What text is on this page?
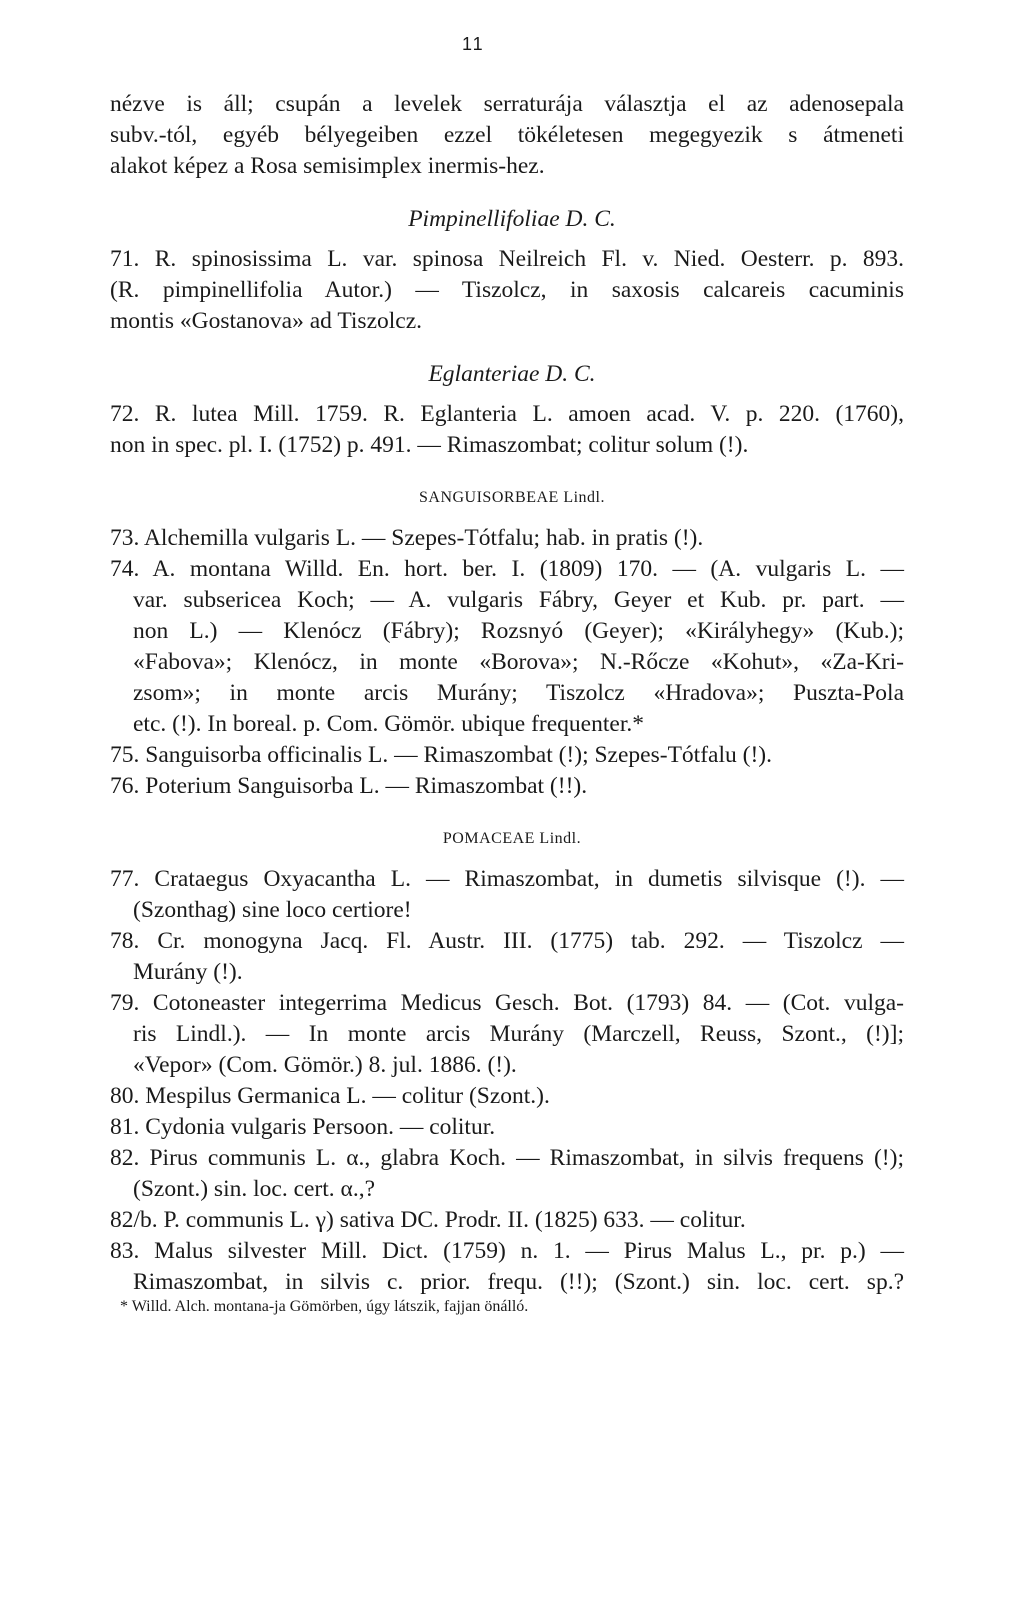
11
nézve is áll; csupán a levelek serraturája választja el az adenosepala
subv.-tól, egyéb bélyegeiben ezzel tökéletesen megegyezik s átmeneti
alakot képez a Rosa semisimplex inermis-hez.
Pimpinellifoliae D. C.
71. R. spinosissima L. var. spinosa Neilreich Fl. v. Nied. Oesterr. p. 893.
(R. pimpinellifolia Autor.) — Tiszolcz, in saxosis calcareis cacuminis
montis «Gostanova» ad Tiszolcz.
Eglanteriae D. C.
72. R. lutea Mill. 1759. R. Eglanteria L. amoen acad. V. p. 220. (1760),
non in spec. pl. I. (1752) p. 491. — Rimaszombat; colitur solum (!).
SANGUISORBEAE Lindl.
73. Alchemilla vulgaris L. — Szepes-Tótfalu; hab. in pratis (!).
74. A. montana Willd. En. hort. ber. I. (1809) 170. — (A. vulgaris L. —
var. subsericea Koch; — A. vulgaris Fábry, Geyer et Kub. pr. part. —
non L.) — Klenócz (Fábry); Rozsnyó (Geyer); «Királyhegy» (Kub.);
«Fabova»; Klenócz, in monte «Borova»; N.-Rőcze «Kohut», «Za-Kri-
zsom»; in monte arcis Murány; Tiszolcz «Hradova»; Puszta-Pola
etc. (!). In boreal. p. Com. Gömör. ubique frequenter.*
75. Sanguisorba officinalis L. — Rimaszombat (!); Szepes-Tótfalu (!).
76. Poterium Sanguisorba L. — Rimaszombat (!!).
POMACEAE Lindl.
77. Crataegus Oxyacantha L. — Rimaszombat, in dumetis silvisque (!). —
(Szonthag) sine loco certiore!
78. Cr. monogyna Jacq. Fl. Austr. III. (1775) tab. 292. — Tiszolcz —
Murány (!).
79. Cotoneaster integerrima Medicus Gesch. Bot. (1793) 84. — (Cot. vulga-
ris Lindl.). — In monte arcis Murány (Marczell, Reuss, Szont., (!)];
«Vepor» (Com. Gömör.) 8. jul. 1886. (!).
80. Mespilus Germanica L. — colitur (Szont.).
81. Cydonia vulgaris Persoon. — colitur.
82. Pirus communis L. α., glabra Koch. — Rimaszombat, in silvis frequens (!);
(Szont.) sin. loc. cert. α.,?
82/b. P. communis L. γ) sativa DC. Prodr. II. (1825) 633. — colitur.
83. Malus silvester Mill. Dict. (1759) n. 1. — Pirus Malus L., pr. p.) —
Rimaszombat, in silvis c. prior. frequ. (!!); (Szont.) sin. loc. cert. sp.?
* Willd. Alch. montana-ja Gömörben, úgy látszik, fajjan önálló.
